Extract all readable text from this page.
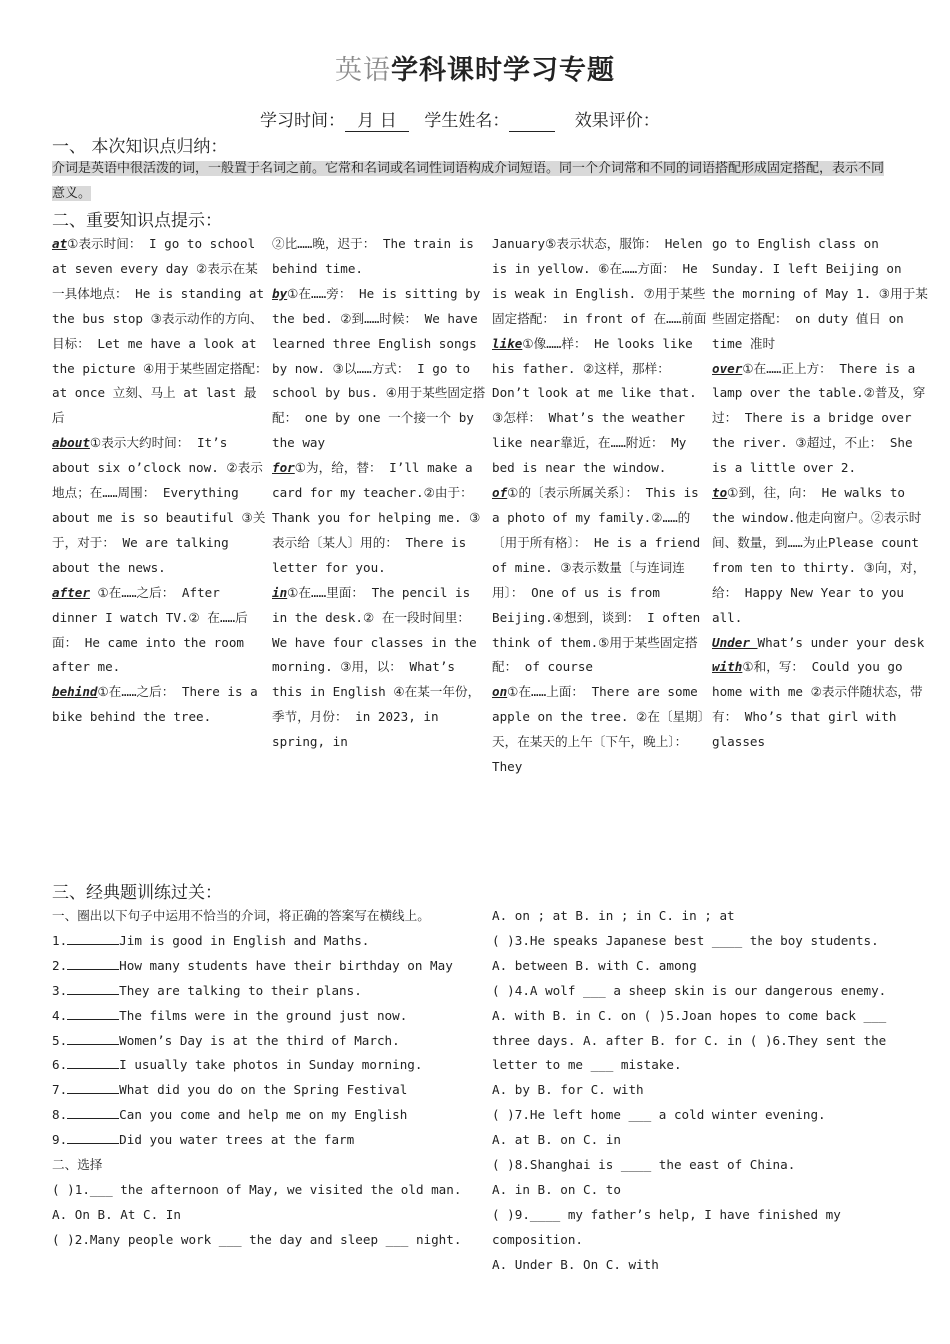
英语学科课时学习专题
学习时间： 月 日 学生姓名：	效果评价：
一、 本次知识点归纳：
介词是英语中很活泼的词，一般置于名词之前。它常和名词或名词性词语构成介词短语。同一个介词常和不同的词语搭配形成固定搭配，表示不同意义。
二、重要知识点提示：
at①表示时间： I go to school at seven every day ②表示在某一具体地点： He is standing at the bus stop ③表示动作的方向、目标： Let me have a look at the picture ④用于某些固定搭配： at once 立刻、马上 at last 最后
about①表示大约时间： It’s about six o’clock now. ②表示地点；在……周围： Everything about me is so beautiful ③关于，对于： We are talking about the news.
after ①在……之后： After dinner I watch TV.② 在……后面： He came into the room after me.
behind①在……之后： There is a bike behind the tree.
②比……晚，迟于： The train is behind time.
by①在……旁： He is sitting by the bed. ②到……时候： We have learned three English songs by now. ③以……方式： I go to school by bus. ④用于某些固定搭配： one by one 一个接一个 by the way
for①为，给，替： I’ll make a card for my teacher.②由于： Thank you for helping me. ③表示给〔某人〕用的： There is letter for you.
in①在……里面： The pencil is in the desk.② 在一段时间里： We have four classes in the morning. ③用，以： What’s this in English ④在某一年份，季节，月份： in 2023, in spring, in
January⑤表示状态，服饰： Helen is in yellow. ⑥在……方面： He is weak in English. ⑦用于某些固定搭配： in front of 在……前面
like①像……样： He looks like his father. ②这样，那样： Don’t look at me like that. ③怎样： What’s the weather like near靠近，在……附近： My bed is near the window.
of①的〔表示所属关系〕： This is a photo of my family.②……的〔用于所有格〕： He is a friend of mine. ③表示数量〔与连词连用〕： One of us is from Beijing.④想到，谈到： I often think of them.⑤用于某些固定搭配： of course
on①在……上面： There are some apple on the tree. ②在〔星期〕天，在某天的上午〔下午，晚上〕： They
go to English class on Sunday. I left Beijing on the morning of May 1. ③用于某些固定搭配： on duty 值日 on time 准时
over①在……正上方： There is a lamp over the table.②普及，穿过： There is a bridge over the river. ③超过，不止： She is a little over 2.
to①到，往，向： He walks to the window.他走向窗户。②表示时间、数量，到……为止Please count from ten to thirty. ③向，对，给： Happy New Year to you all.
Under What’s under your desk
with①和，写： Could you go home with me ②表示伴随状态，带有： Who’s that girl with glasses
三、经典题训练过关：
一、圈出以下句子中运用不恰当的介词，将正确的答案写在横线上。
1.	Jim is good in English and Maths.
2.	How many students have their birthday on May
3.	They are talking to their plans.
4.	The films were in the ground just now.
5.	Women’s Day is at the third of March.
6.	I usually take photos in Sunday morning.
7.	What did you do on the Spring Festival
8.	Can you come and help me on my English
9.	Did you water trees at the farm
二、选择
( )1.___ the afternoon of May, we visited the old man.
A. On B. At C. In
( )2.Many people work ___ the day and sleep ___ night.
A. on ; at B. in ; in C. in ; at
( )3.He speaks Japanese best ____ the boy students.
A. between B. with C. among
( )4.A wolf ___ a sheep skin is our dangerous enemy.
A. with B. in C. on ( )5.Joan hopes to come back ___ three days. A. after B. for C. in ( )6.They sent the letter to me ___ mistake.
A. by B. for C. with
( )7.He left home ___ a cold winter evening.
A. at B. on C. in
( )8.Shanghai is ____ the east of China.
A. in B. on C. to
( )9.____ my father’s help, I have finished my composition.
A. Under B. On C. with
